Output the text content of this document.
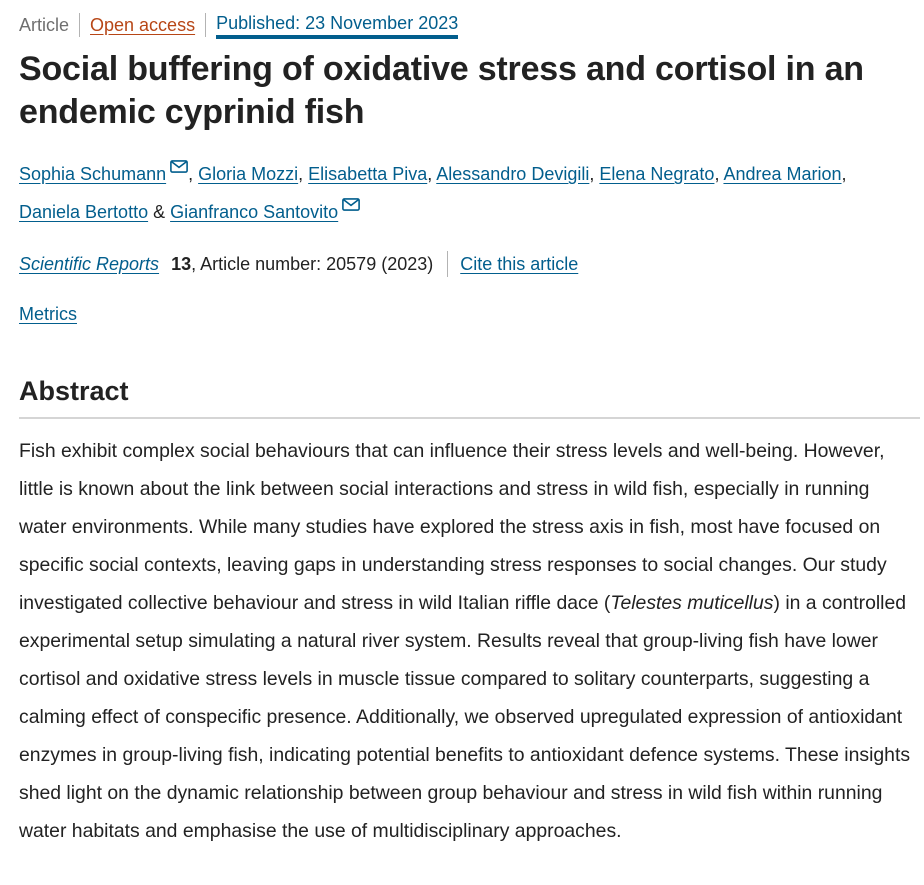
Article Open access Published: 23 November 2023
Social buffering of oxidative stress and cortisol in an endemic cyprinid fish
Sophia Schumann , Gloria Mozzi, Elisabetta Piva, Alessandro Devigili, Elena Negrato, Andrea Marion,
Daniela Bertotto & Gianfranco Santovito
Scientific Reports 13 , Article number: 20579 (2023) Cite this article
Metrics
Abstract

Fish exhibit complex social behaviours that can influence their stress levels and well-being. However, little is known about the link between social interactions and stress in wild fish, especially in running water environments. While many studies have explored the stress axis in fish, most have focused on specific social contexts, leaving gaps in understanding stress responses to social changes. Our study investigated collective behaviour and stress in wild Italian riffle dace (Telestes muticellus) in a controlled experimental setup simulating a natural river system. Results reveal that group-living fish have lower cortisol and oxidative stress levels in muscle tissue compared to solitary counterparts, suggesting a calming effect of conspecific presence. Additionally, we observed upregulated expression of antioxidant enzymes in group-living fish, indicating potential benefits to antioxidant defence systems. These insights shed light on the dynamic relationship between group behaviour and stress in wild fish within running water habitats and emphasise the use of multidisciplinary approaches.
